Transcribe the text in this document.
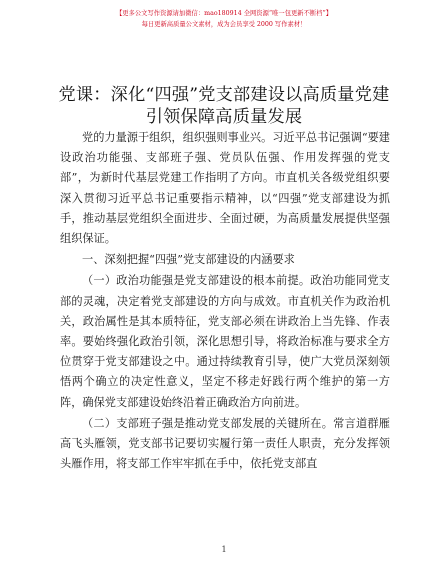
【更多公文写作资源请加微信：mao180914 全网资源“唯一包更新不断档”】
每日更新高质量公文素材，成为会员享受 2000 写作素材！
党课：深化“四强”党支部建设以高质量党建
引领保障高质量发展

党的力量源于组织，组织强则事业兴。习近平总书记强调“要建设政治功能强、支部班子强、党员队伍强、作用发挥强的党支部”，为新时代基层党建工作指明了方向。市直机关各级党组织要深入贯彻习近平总书记重要指示精神，以“四强”党支部建设为抓手，推动基层党组织全面进步、全面过硬，为高质量发展提供坚强组织保证。

一、深刻把握“四强”党支部建设的内涵要求

（一）政治功能强是党支部建设的根本前提。政治功能同党支部的灵魂，决定着党支部建设的方向与成效。市直机关作为政治机关，政治属性是其本质特征，党支部必须在讲政治上当先锋、作表率。要始终强化政治引领，深化思想引导，将政治标准与要求全方位贯穿于党支部建设之中。通过持续教育引导，使广大党员深刻领悟两个确立的决定性意义，坚定不移走好践行两个维护的第一方阵，确保党支部建设始终沿着正确政治方向前进。

（二）支部班子强是推动党支部发展的关键所在。常言道群雁高飞头雁领，党支部书记要切实履行第一责任人职责，充分发挥领头雁作用，将支部工作牢牢抓在手中，依托党支部直

1
